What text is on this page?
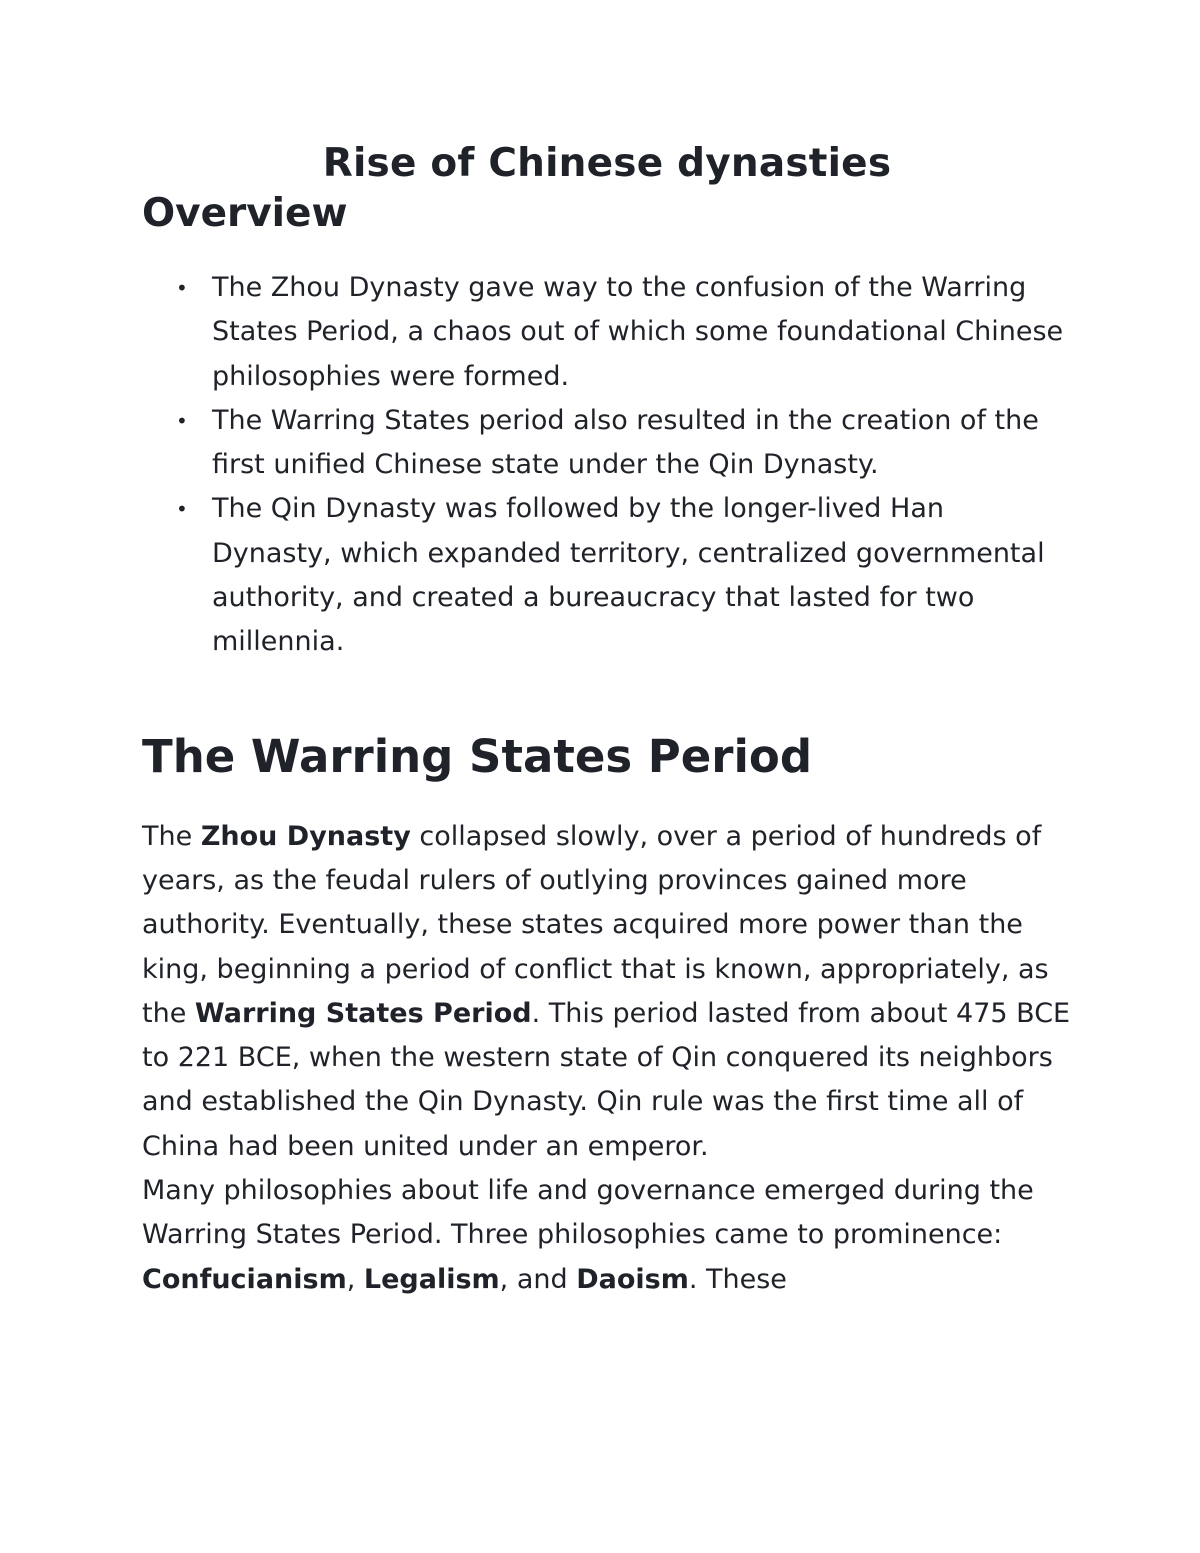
Rise of Chinese dynasties
Overview
• The Zhou Dynasty gave way to the confusion of the Warring States Period, a chaos out of which some foundational Chinese philosophies were formed.
• The Warring States period also resulted in the creation of the first unified Chinese state under the Qin Dynasty.
• The Qin Dynasty was followed by the longer-lived Han Dynasty, which expanded territory, centralized governmental authority, and created a bureaucracy that lasted for two millennia.
The Warring States Period

The Zhou Dynasty collapsed slowly, over a period of hundreds of years, as the feudal rulers of outlying provinces gained more authority. Eventually, these states acquired more power than the king, beginning a period of conflict that is known, appropriately, as the Warring States Period. This period lasted from about 475 BCE to 221 BCE, when the western state of Qin conquered its neighbors and established the Qin Dynasty. Qin rule was the first time all of China had been united under an emperor.

Many philosophies about life and governance emerged during the Warring States Period. Three philosophies came to prominence: Confucianism, Legalism, and Daoism. These
